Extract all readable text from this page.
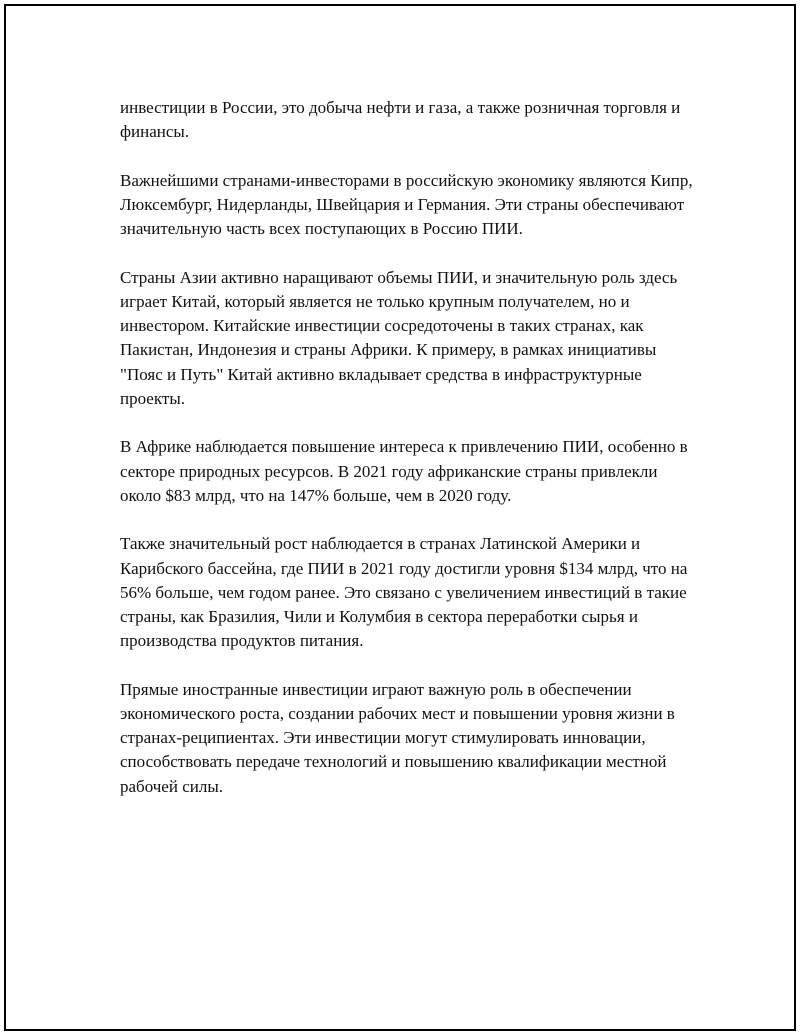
инвестиции в России, это добыча нефти и газа, а также розничная торговля и финансы.

Важнейшими странами-инвесторами в российскую экономику являются Кипр, Люксембург, Нидерланды, Швейцария и Германия. Эти страны обеспечивают значительную часть всех поступающих в Россию ПИИ.

Страны Азии активно наращивают объемы ПИИ, и значительную роль здесь играет Китай, который является не только крупным получателем, но и инвестором. Китайские инвестиции сосредоточены в таких странах, как Пакистан, Индонезия и страны Африки. К примеру, в рамках инициативы "Пояс и Путь" Китай активно вкладывает средства в инфраструктурные проекты.

В Африке наблюдается повышение интереса к привлечению ПИИ, особенно в секторе природных ресурсов. В 2021 году африканские страны привлекли около $83 млрд, что на 147% больше, чем в 2020 году.

Также значительный рост наблюдается в странах Латинской Америки и Карибского бассейна, где ПИИ в 2021 году достигли уровня $134 млрд, что на 56% больше, чем годом ранее. Это связано с увеличением инвестиций в такие страны, как Бразилия, Чили и Колумбия в сектора переработки сырья и производства продуктов питания.

Прямые иностранные инвестиции играют важную роль в обеспечении экономического роста, создании рабочих мест и повышении уровня жизни в странах-реципиентах. Эти инвестиции могут стимулировать инновации, способствовать передаче технологий и повышению квалификации местной рабочей силы.
